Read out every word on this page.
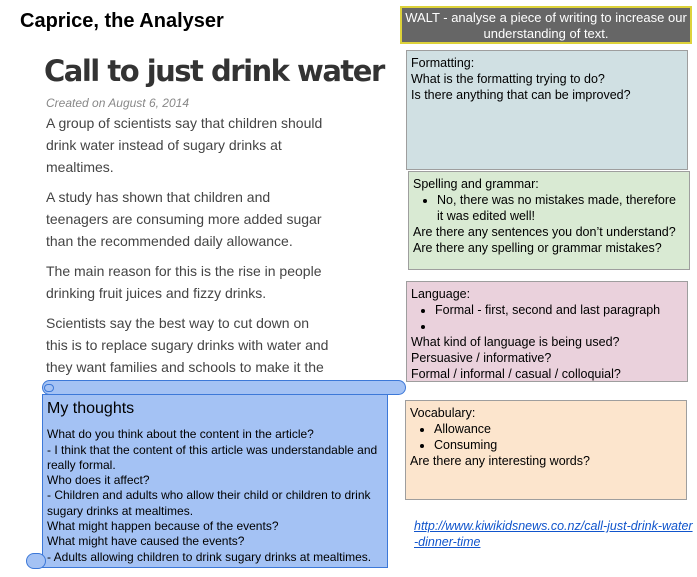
Caprice, the Analyser	WALT - analyse a piece of writing to increase our understanding of text.
Call to just drink water
Created on August 6, 2014

A group of scientists say that children should drink water instead of sugary drinks at mealtimes.

A study has shown that children and teenagers are consuming more added sugar than the recommended daily allowance.

The main reason for this is the rise in people drinking fruit juices and fizzy drinks.

Scientists say the best way to cut down on this is to replace sugary drinks with water and they want families and schools to make it the

Formatting:
What is the formatting trying to do?
Is there anything that can be improved?
Spelling and grammar:
• No, there was no mistakes made, therefore it was edited well!
Are there any sentences you don’t understand?
Are there any spelling or grammar mistakes?
Language:
• Formal - first, second and last paragraph
•
What kind of language is being used?
Persuasive / informative?
Formal / informal / casual / colloquial?
Vocabulary:
• Allowance
• Consuming
Are there any interesting words?
http://www.kiwikidsnews.co.nz/call-just-drink-water-dinner-time
My thoughts
What do you think about the content in the article?
- I think that the content of this article was understandable and really formal.
Who does it affect?
- Children and adults who allow their child or children to drink sugary drinks at mealtimes.
What might happen because of the events?
What might have caused the events?
- Adults allowing children to drink sugary drinks at mealtimes.
